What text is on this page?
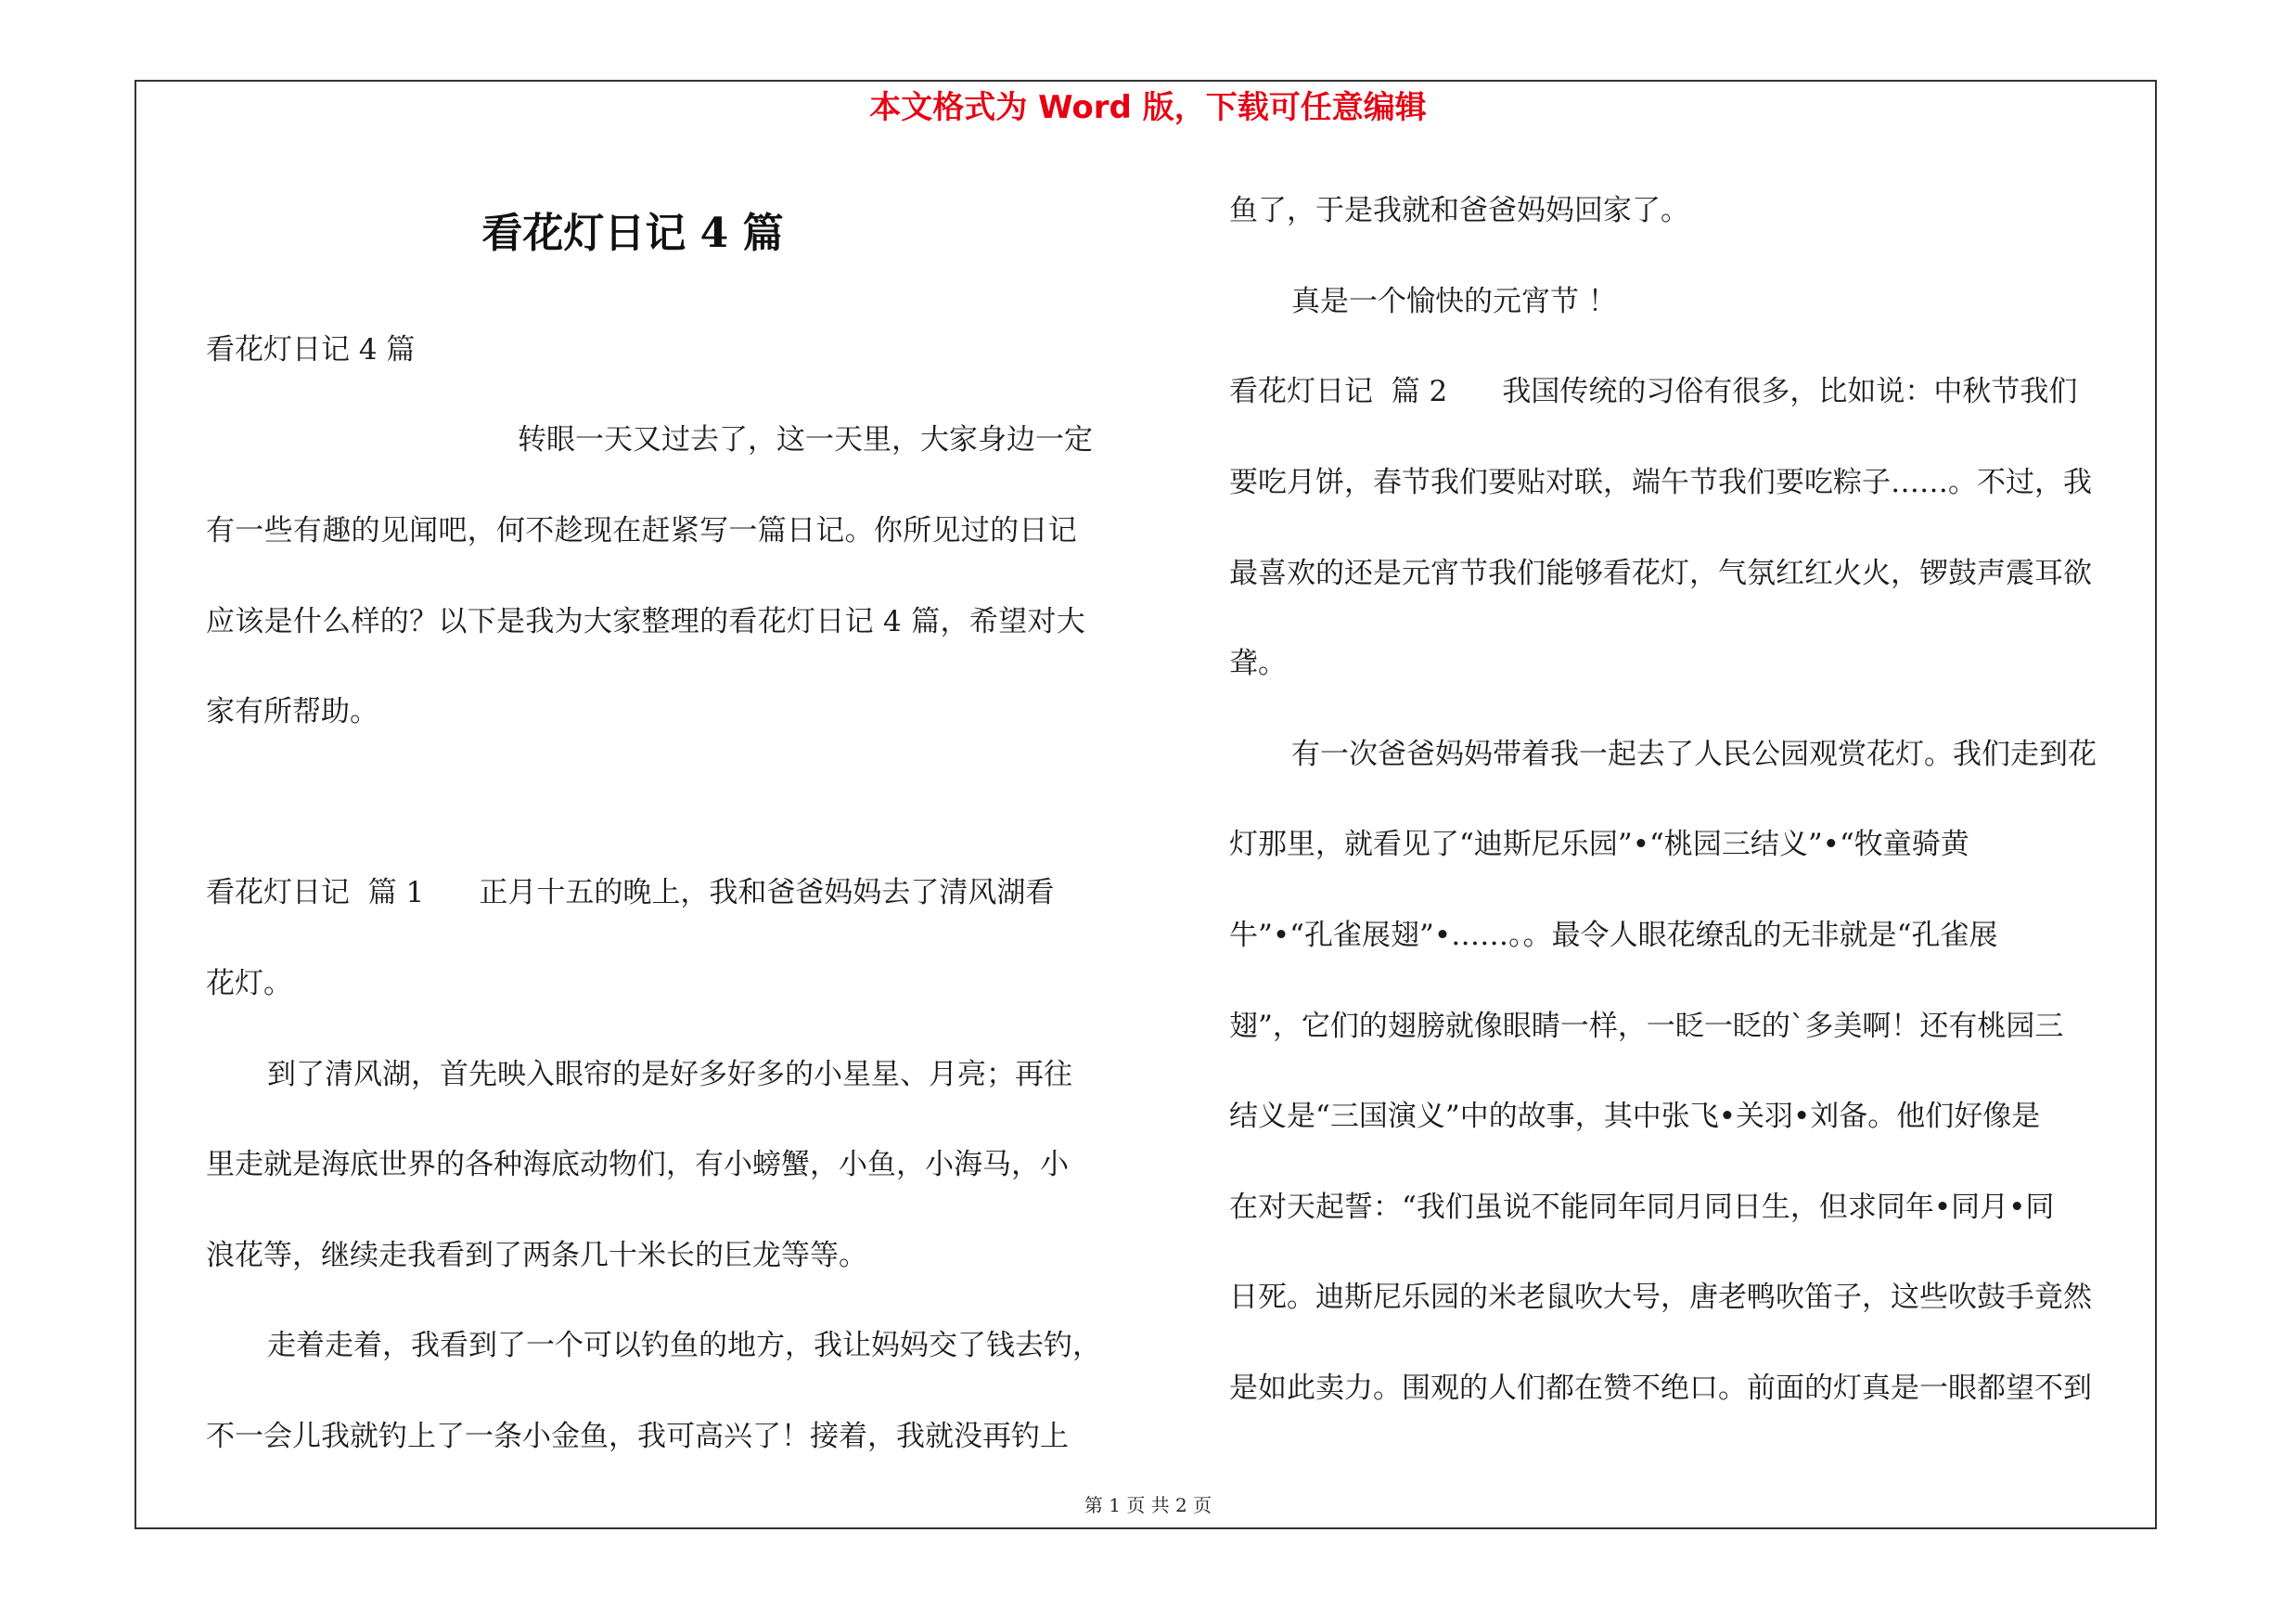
本文格式为 Word 版，下载可任意编辑
看花灯日记 4 篇
看花灯日记 4 篇
转眼一天又过去了，这一天里，大家身边一定
有一些有趣的见闻吧，何不趁现在赶紧写一篇日记。你所见过的日记
应该是什么样的？以下是我为大家整理的看花灯日记 4 篇，希望对大
家有所帮助。
看花灯日记  篇 1      正月十五的晚上，我和爸爸妈妈去了清风湖看
花灯。
到了清风湖，首先映入眼帘的是好多好多的小星星、月亮；再往
里走就是海底世界的各种海底动物们，有小螃蟹，小鱼，小海马，小
浪花等，继续走我看到了两条几十米长的巨龙等等。
走着走着，我看到了一个可以钓鱼的地方，我让妈妈交了钱去钓，
不一会儿我就钓上了一条小金鱼，我可高兴了！接着，我就没再钓上
鱼了，于是我就和爸爸妈妈回家了。
真是一个愉快的元宵节 ！
看花灯日记  篇 2      我国传统的习俗有很多，比如说：中秋节我们
要吃月饼，春节我们要贴对联，端午节我们要吃粽子……。不过，我
最喜欢的还是元宵节我们能够看花灯，气氛红红火火，锣鼓声震耳欲
聋。
有一次爸爸妈妈带着我一起去了人民公园观赏花灯。我们走到花
灯那里，就看见了“迪斯尼乐园”•“桃园三结义”•“牧童骑黄
牛”•“孔雀展翅”•……。。最令人眼花缭乱的无非就是“孔雀展
翅”，它们的翅膀就像眼睛一样，一眨一眨的`多美啊！还有桃园三
结义是“三国演义”中的故事，其中张飞•关羽•刘备。他们好像是
在对天起誓：“我们虽说不能同年同月同日生，但求同年•同月•同
日死。迪斯尼乐园的米老鼠吹大号，唐老鸭吹笛子，这些吹鼓手竟然
是如此卖力。围观的人们都在赞不绝口。前面的灯真是一眼都望不到
第 1 页 共 2 页
